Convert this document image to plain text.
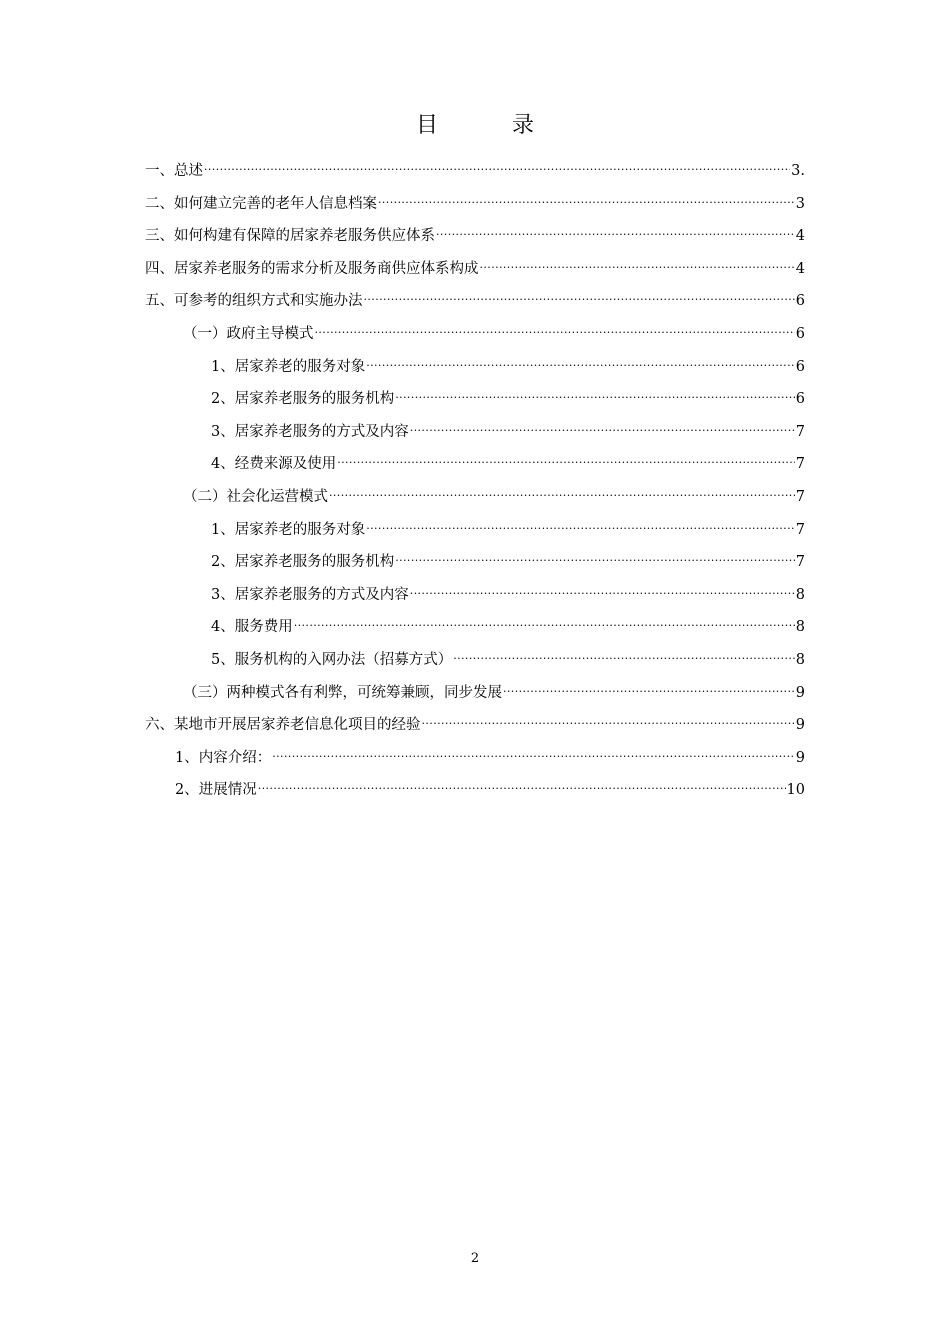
目　录
一、总述 .....	3.
二、如何建立完善的老年人信息档案 .....	3
三、如何构建有保障的居家养老服务供应体系 .....	4
四、居家养老服务的需求分析及服务商供应体系构成 .....	4
五、可参考的组织方式和实施办法 .....	6
（一）政府主导模式 .....	6
1、居家养老的服务对象 .....	6
2、居家养老服务的服务机构 .....	6
3、居家养老服务的方式及内容 .....	7
4、经费来源及使用 .....	7
（二）社会化运营模式 .....	7
1、居家养老的服务对象 .....	7
2、居家养老服务的服务机构 .....	7
3、居家养老服务的方式及内容 .....	8
4、服务费用 .....	8
5、服务机构的入网办法（招募方式） .....	8
（三）两种模式各有利弊，可统筹兼顾，同步发展 .....	9
六、某地市开展居家养老信息化项目的经验 .....	9
1、内容介绍： .....	9
2、进展情况 .....	10
2
